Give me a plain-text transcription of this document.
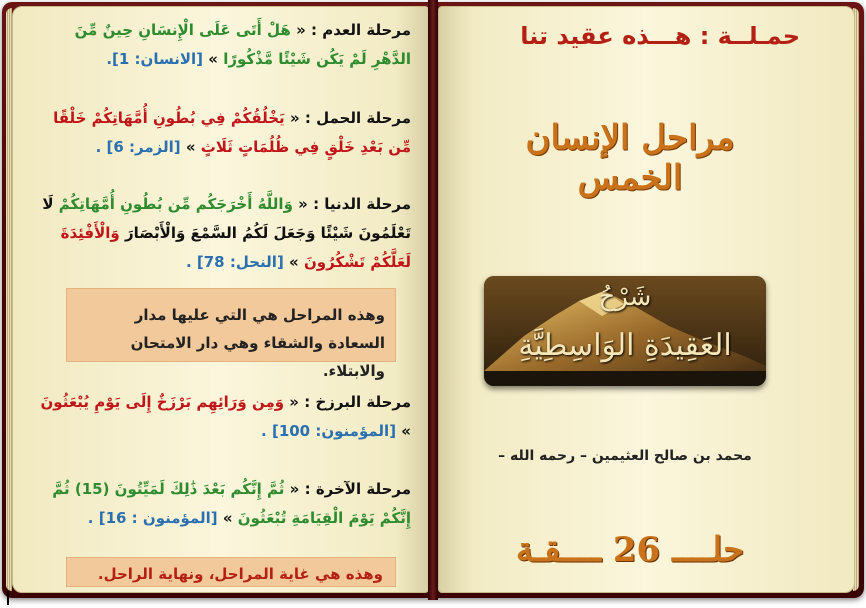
مرحلة العدم : « هَلْ أَتَى عَلَى الْإِنسَانِ حِينٌ مِّنَ الدَّهْرِ لَمْ يَكُن شَيْئًا مَّذْكُورًا » [الانسان: 1].
مرحلة الحمل : « يَخْلُقُكُمْ فِي بُطُونِ أُمَّهَاتِكُمْ خَلْقًا مِّن بَعْدِ خَلْقٍ فِي ظُلُمَاتٍ ثَلَاثٍ » [الزمر: 6] .
مرحلة الدنيا : « وَاللَّهُ أَخْرَجَكُم مِّن بُطُونِ أُمَّهَاتِكُمْ لَا تَعْلَمُونَ شَيْئًا وَجَعَلَ لَكُمُ السَّمْعَ وَالْأَبْصَارَ وَالْأَفْئِدَةَ لَعَلَّكُمْ تَشْكُرُونَ » [النحل: 78] .
وهذه المراحل هي التي عليها مدار السعادة والشقاء وهي دار الامتحان والابتلاء.
مرحلة البرزخ : « وَمِن وَرَائِهِم بَرْزَخٌ إِلَى يَوْمِ يُبْعَثُونَ » [المؤمنون: 100] .
مرحلة الآخرة : « ثُمَّ إِنَّكُم بَعْدَ ذَٰلِكَ لَمَيِّتُونَ (15) ثُمَّ إِنَّكُمْ يَوْمَ الْقِيَامَةِ تُبْعَثُونَ » [المؤمنون : 16] .
وهذه هي غاية المراحل، ونهاية الراحل.
حمـلــة : هـــذه عقيد تنا
مراحل الإنسان الخمس
شَرْحُ
العَقِيدَةِ الوَاسِطِيَّةِ
محمد بن صالح العثيمين – رحمه الله –
حلــــ 26 ــــقـة
